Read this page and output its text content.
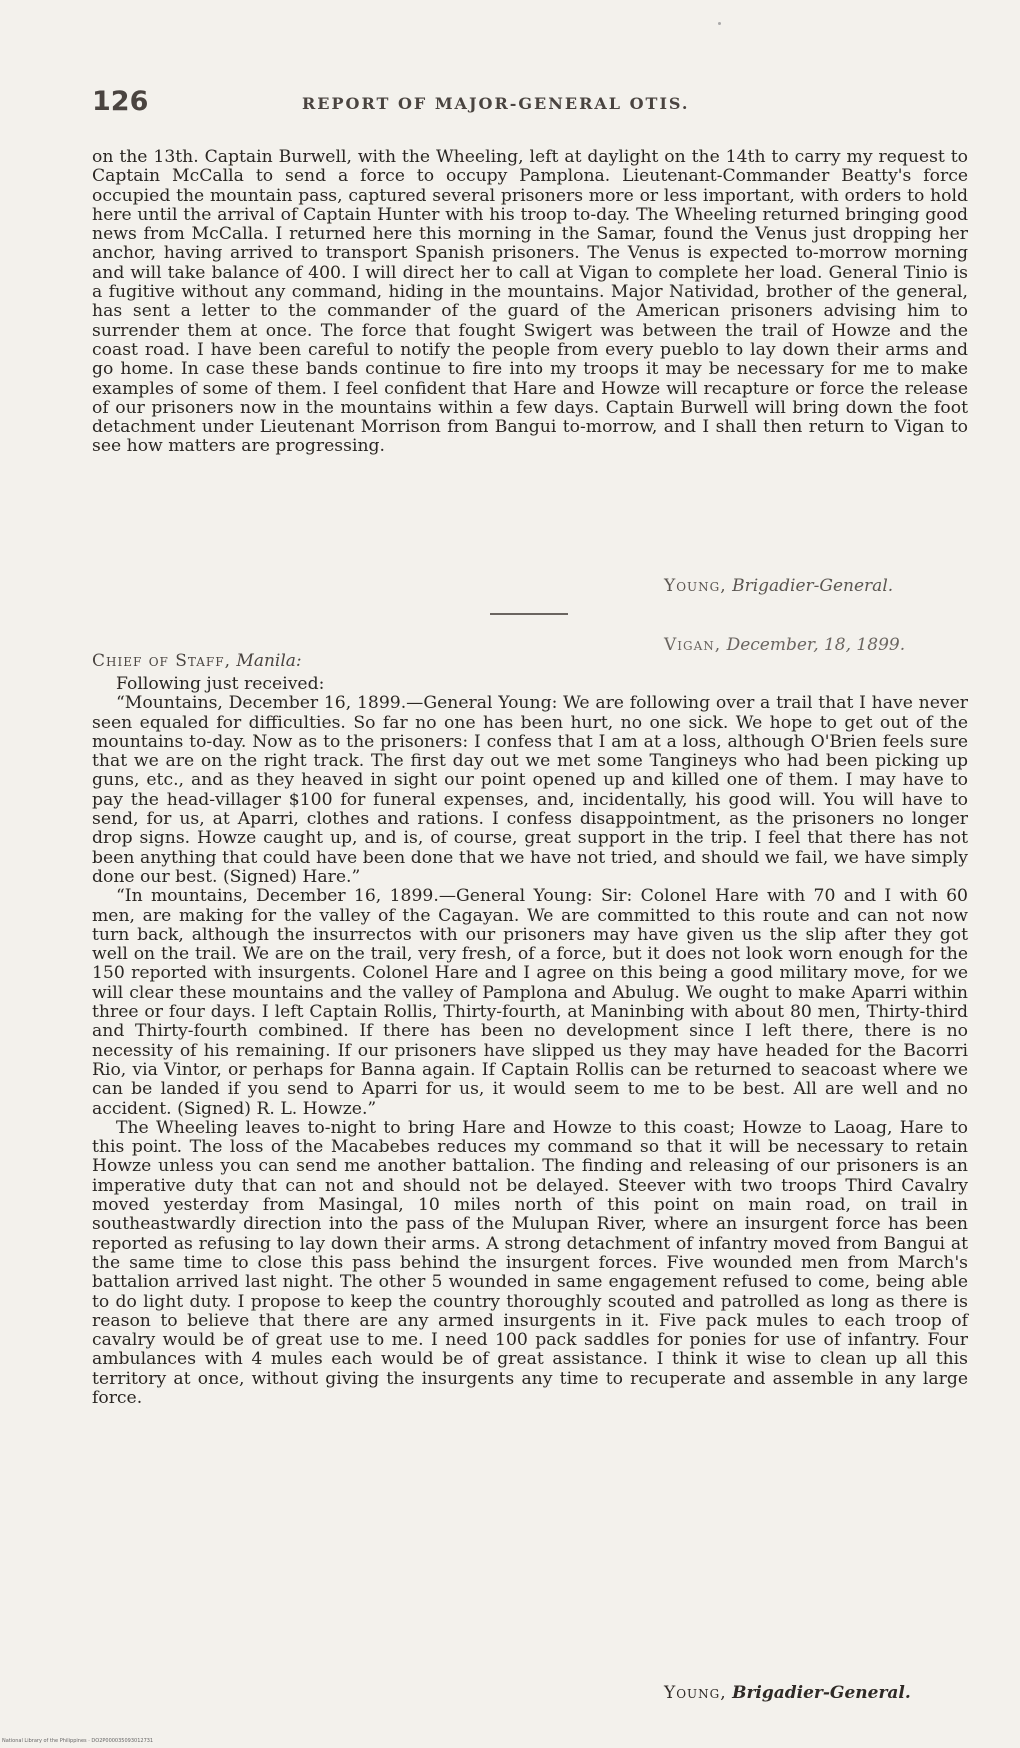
126	REPORT OF MAJOR-GENERAL OTIS.

on the 13th. Captain Burwell, with the Wheeling, left at daylight on the 14th to carry my request to Captain McCalla to send a force to occupy Pamplona. Lieutenant-Commander Beatty's force occupied the mountain pass, captured several prisoners more or less important, with orders to hold here until the arrival of Captain Hunter with his troop to-day. The Wheeling returned bringing good news from McCalla. I returned here this morning in the Samar, found the Venus just dropping her anchor, having arrived to transport Spanish prisoners. The Venus is expected to-morrow morning and will take balance of 400. I will direct her to call at Vigan to complete her load. General Tinio is a fugitive without any command, hiding in the mountains. Major Natividad, brother of the general, has sent a letter to the commander of the guard of the American prisoners advising him to surrender them at once. The force that fought Swigert was between the trail of Howze and the coast road. I have been careful to notify the people from every pueblo to lay down their arms and go home. In case these bands continue to fire into my troops it may be necessary for me to make examples of some of them. I feel confident that Hare and Howze will recapture or force the release of our prisoners now in the mountains within a few days. Captain Burwell will bring down the foot detachment under Lieutenant Morrison from Bangui to-morrow, and I shall then return to Vigan to see how matters are progressing.

Young, Brigadier-General.
Vigan, December, 18, 1899.
Chief of Staff, Manila:

Following just received:

“Mountains, December 16, 1899.—General Young: We are following over a trail that I have never seen equaled for difficulties. So far no one has been hurt, no one sick. We hope to get out of the mountains to-day. Now as to the prisoners: I confess that I am at a loss, although O'Brien feels sure that we are on the right track. The first day out we met some Tangineys who had been picking up guns, etc., and as they heaved in sight our point opened up and killed one of them. I may have to pay the head-villager $100 for funeral expenses, and, incidentally, his good will. You will have to send, for us, at Aparri, clothes and rations. I confess disappointment, as the prisoners no longer drop signs. Howze caught up, and is, of course, great support in the trip. I feel that there has not been anything that could have been done that we have not tried, and should we fail, we have simply done our best. (Signed) Hare.”

“In mountains, December 16, 1899.—General Young: Sir: Colonel Hare with 70 and I with 60 men, are making for the valley of the Cagayan. We are committed to this route and can not now turn back, although the insurrectos with our prisoners may have given us the slip after they got well on the trail. We are on the trail, very fresh, of a force, but it does not look worn enough for the 150 reported with insurgents. Colonel Hare and I agree on this being a good military move, for we will clear these mountains and the valley of Pamplona and Abulug. We ought to make Aparri within three or four days. I left Captain Rollis, Thirty-fourth, at Maninbing with about 80 men, Thirty-third and Thirty-fourth combined. If there has been no development since I left there, there is no necessity of his remaining. If our prisoners have slipped us they may have headed for the Bacorri Rio, via Vintor, or perhaps for Banna again. If Captain Rollis can be returned to seacoast where we can be landed if you send to Aparri for us, it would seem to me to be best. All are well and no accident. (Signed) R. L. Howze.”

The Wheeling leaves to-night to bring Hare and Howze to this coast; Howze to Laoag, Hare to this point. The loss of the Macabebes reduces my command so that it will be necessary to retain Howze unless you can send me another battalion. The finding and releasing of our prisoners is an imperative duty that can not and should not be delayed. Steever with two troops Third Cavalry moved yesterday from Masingal, 10 miles north of this point on main road, on trail in southeastwardly direction into the pass of the Mulupan River, where an insurgent force has been reported as refusing to lay down their arms. A strong detachment of infantry moved from Bangui at the same time to close this pass behind the insurgent forces. Five wounded men from March's battalion arrived last night. The other 5 wounded in same engagement refused to come, being able to do light duty. I propose to keep the country thoroughly scouted and patrolled as long as there is reason to believe that there are any armed insurgents in it. Five pack mules to each troop of cavalry would be of great use to me. I need 100 pack saddles for ponies for use of infantry. Four ambulances with 4 mules each would be of great assistance. I think it wise to clean up all this territory at once, without giving the insurgents any time to recuperate and assemble in any large force.

Young, Brigadier-General.
National Library of the Philippines · DO2P000035093012731
